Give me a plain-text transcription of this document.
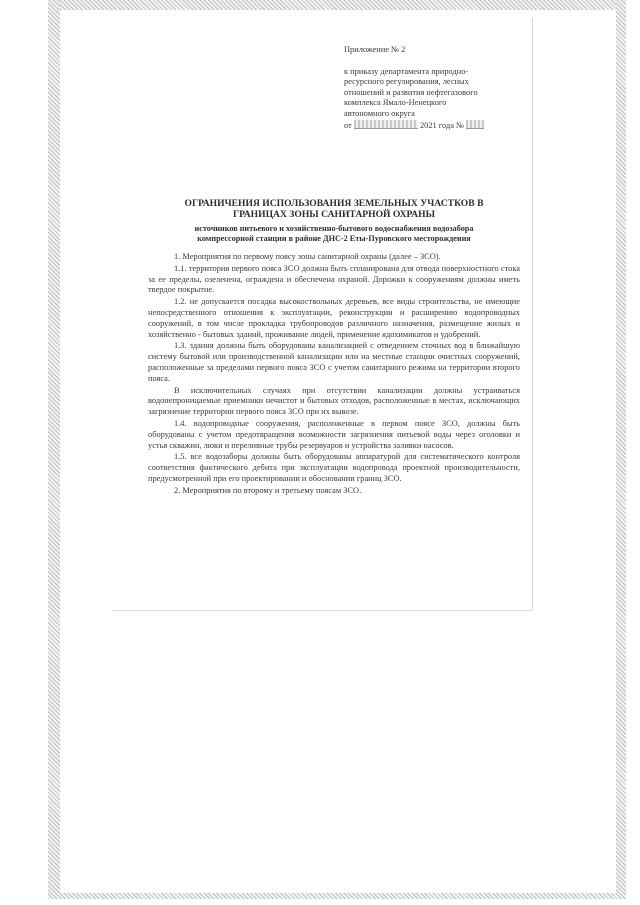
Приложение № 2
к приказу департамента природно-
ресурсного регулирования, лесных
отношений и развития нефтегазового
комплекса Ямало-Ненецкого
автономного округа
от	2021 года №
ОГРАНИЧЕНИЯ ИСПОЛЬЗОВАНИЯ ЗЕМЕЛЬНЫХ УЧАСТКОВ В
ГРАНИЦАХ ЗОНЫ САНИТАРНОЙ ОХРАНЫ
источников питьевого и хозяйственно-бытового водоснабжения водозабора
компрессорной станции в районе ДНС-2 Еты-Пуровского месторождения

1. Мероприятия по первому поясу зоны санитарной охраны (далее – ЗСО).

1.1. территория первого пояса ЗСО должна быть спланирована для отвода поверхностного стока за ее пределы, озеленена, ограждена и обеспечена охраной. Дорожки к сооружениям должны иметь твердое покрытие.

1.2. не допускается посадка высокоствольных деревьев, все виды строительства, не имеющие непосредственного отношения к эксплуатации, реконструкции и расширению водопроводных сооружений, в том числе прокладка трубопроводов различного назначения, размещение жилых и хозяйственно - бытовых зданий, проживание людей, применение ядохимикатов и удобрений.

1.3. здания должны быть оборудованы канализацией с отведением сточных вод в ближайшую систему бытовой или производственной канализации или на местные станции очистных сооружений, расположенные за пределами первого пояса ЗСО с учетом санитарного режима на территории второго пояса.

В исключительных случаях при отсутствии канализации должны устраиваться водонепроницаемые приемники нечистот и бытовых отходов, расположенные в местах, исключающих загрязнение территории первого пояса ЗСО при их вывозе.

1.4. водопроводные сооружения, расположенные в первом поясе ЗСО, должны быть оборудованы с учетом предотвращения возможности загрязнения питьевой воды через оголовки и устья скважин, люки и переливные трубы резервуаров и устройства заливки насосов.

1.5. все водозаборы должны быть оборудованы аппаратурой для систематического контроля соответствия фактического дебита при эксплуатации водопровода проектной производительности, предусмотренной при его проектировании и обосновании границ ЗСО.

2. Мероприятия по второму и третьему поясам ЗСО.
